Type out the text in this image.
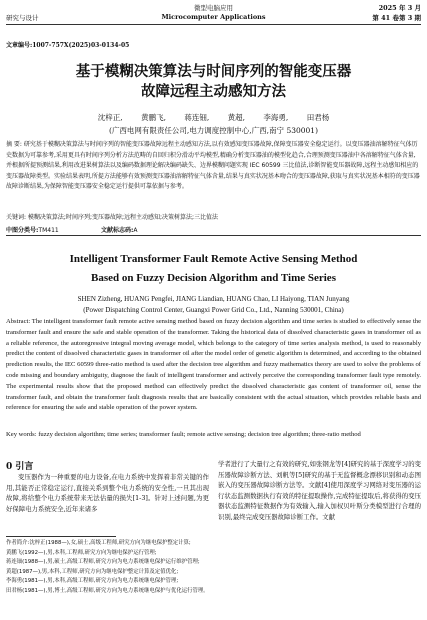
研究与设计
微型电脑应用
Microcomputer Applications
2025 年 3 月
第 41 卷第 3 期
文章编号:1007-757X(2025)03-0134-05
基于模糊决策算法与时间序列的智能变压器
故障远程主动感知方法
沈梓正, 黄鹏飞, 蒋连钿, 黄超, 李海勇, 田君杨
(广西电网有限责任公司,电力调度控制中心,广西,南宁 530001)
摘 要: 研究基于模糊决策算法与时间序列的智能变压器故障远程主动感知方法,以有效感知变压器故障,保障变压器安全稳定运行。以变压器油溶解特征气体历史数据为可靠参考,采用更具有时间序列分析方法范畴的自回归积分滑动平均模型,精确分析变压器油的模型化趋合,合理预测变压器油中各溶解特征气体含量,并根据所提预测结果,利用改进果树算法以及编码数据理论解决编码缺失、边界模糊问题实现 IEC 60599 三比值法,诊断智能变压器故障,远程主动感知相应的变压器故障类型。实验结果表明,所提方法能够有效预测变压器油溶解特征气体含量,结果与真实状况基本吻合的变压器故障,获取与真实状况基本相符的变压器故障诊断结果,为保障智能变压器安全稳定运行提供可靠依据与参考。
关键词: 模糊决策算法;时间序列;变压器故障;远程主动感知;决策树算法;三比值法
中图分类号:TM411	文献标志码:A
Intelligent Transformer Fault Remote Active Sensing Method
Based on Fuzzy Decision Algorithm and Time Series
SHEN Zizheng, HUANG Pengfei, JIANG Liandian, HUANG Chao, LI Haiyong, TIAN Junyang
(Power Dispatching Control Center, Guangxi Power Grid Co., Ltd., Nanning 530001, China)
Abstract: The intelligent transformer fault remote active sensing method based on fuzzy decision algorithm and time series is studied to effectively sense the transformer fault and ensure the safe and stable operation of the transformer. Taking the historical data of dissolved characteristic gases in transformer oil as a reliable reference, the autoregressive integral moving average model, which belongs to the category of time series analysis method, is used to reasonably predict the content of dissolved characteristic gases in transformer oil after the model order of genetic algorithm is determined, and according to the obtained prediction results, the IEC 60599 three-ratio method is used after the decision tree algorithm and fuzzy mathematics theory are used to solve the problems of code missing and boundary ambiguity, diagnose the fault of intelligent transformer and actively perceive the corresponding transformer fault type remotely. The experimental results show that the proposed method can effectively predict the dissolved characteristic gas content of transformer oil, sense the transformer fault, and obtain the transformer fault diagnosis results that are basically consistent with the actual situation, which provides reliable basis and reference for ensuring the safe and stable operation of the power system.
Key words: fuzzy decision algorithm; time series; transformer fault; remote active sensing; decision tree algorithm; three-ratio method
0 引言
变压器作为一种重要的电力设备,在电力系统中发挥着非常关键的作用,其能否正常稳定运行,直接关系到整个电力系统的安全性,一旦其出现故障,将给整个电力系统带来无法估量的损失[1-3]。针对上述问题,为更好保障电力系统安全,近年来诸多
学者进行了大量行之有效的研究,如张钢龙等[4]研究的基于深度学习的变压器故障诊断方法、刘帆等[5]研究的基于无监督概念漂移识别和动态图嵌入的变压器故障诊断方法等。文献[4]使用深度学习网络对变压器的运行状态监测数据执行有效的特征提取操作,完成特征提取后,将获得的变压器状态监测特征数据作为有效输入,输入加权贝叶斯分类模型进行合理的识别,最终完成变压器故障诊断工作。文献
作者简介:沈梓正(1988—),女,硕士,高级工程师,研究方向为继电保护整定计算;
黄鹏飞(1992—),男,本科,工程师,研究方向为继电保护运行管理;
蒋连钿(1988—),男,硕士,高级工程师,研究方向为电力系统继电保护运行维护管理;
黄超(1987—),男,本科,工程师,研究方向为继电保护整定计算及定值优化;
李海勇(1981—),男,本科,高级工程师,研究方向为电力系统继电保护管理;
田君杨(1981—),男,博士,高级工程师,研究方向为电力系统继电保护与优化运行管理。
